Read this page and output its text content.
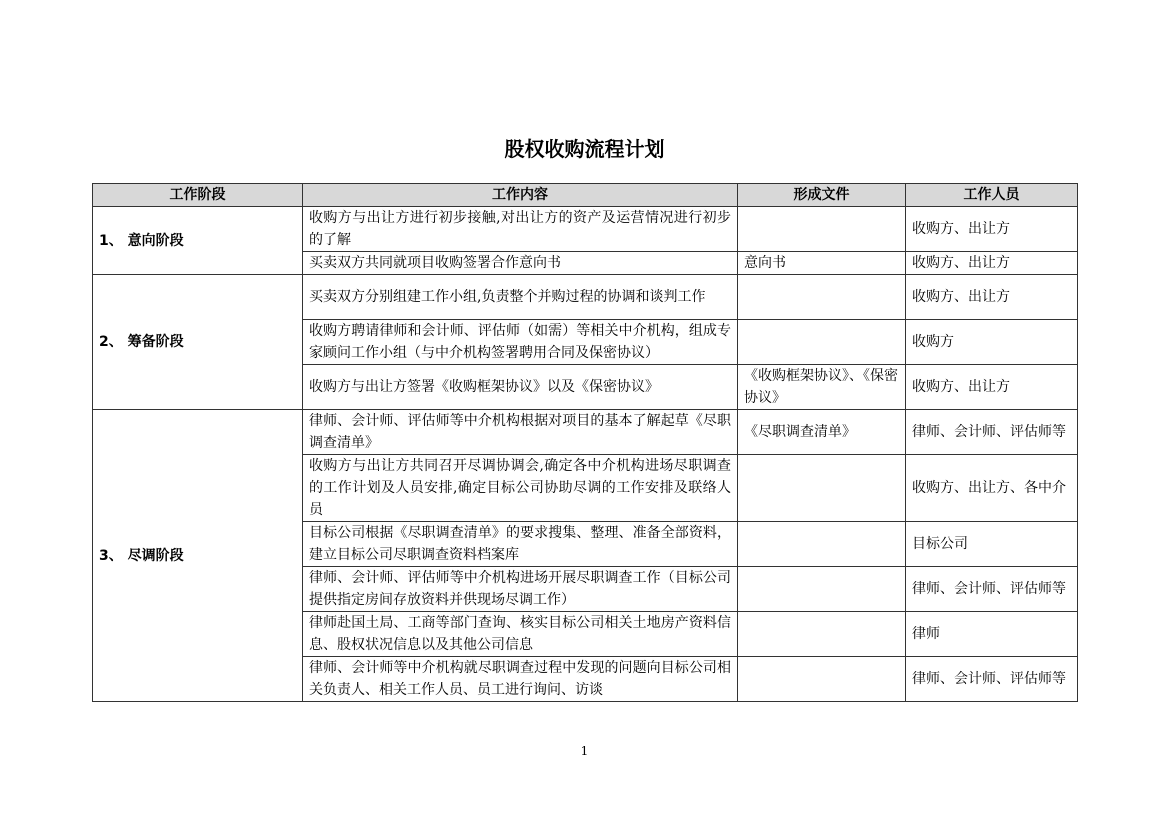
股权收购流程计划
工作阶段	工作内容	形成文件	工作人员
1、 意向阶段	收购方与出让方进行初步接触,对出让方的资产及运营情况进行初步的了解		收购方、出让方
	买卖双方共同就项目收购签署合作意向书	意向书	收购方、出让方
2、 筹备阶段	买卖双方分别组建工作小组,负责整个并购过程的协调和谈判工作		收购方、出让方
	收购方聘请律师和会计师、评估师（如需）等相关中介机构，组成专家顾问工作小组（与中介机构签署聘用合同及保密协议）		收购方
	收购方与出让方签署《收购框架协议》以及《保密协议》	《收购框架协议》、《保密协议》	收购方、出让方
3、 尽调阶段	律师、会计师、评估师等中介机构根据对项目的基本了解起草《尽职调查清单》	《尽职调查清单》	律师、会计师、评估师等
	收购方与出让方共同召开尽调协调会,确定各中介机构进场尽职调查的工作计划及人员安排,确定目标公司协助尽调的工作安排及联络人员		收购方、出让方、各中介
	目标公司根据《尽职调查清单》的要求搜集、整理、准备全部资料，建立目标公司尽职调查资料档案库		目标公司
	律师、会计师、评估师等中介机构进场开展尽职调查工作（目标公司提供指定房间存放资料并供现场尽调工作）		律师、会计师、评估师等
	律师赴国土局、工商等部门查询、核实目标公司相关土地房产资料信息、股权状况信息以及其他公司信息		律师
	律师、会计师等中介机构就尽职调查过程中发现的问题向目标公司相关负责人、相关工作人员、员工进行询问、访谈		律师、会计师、评估师等
1
